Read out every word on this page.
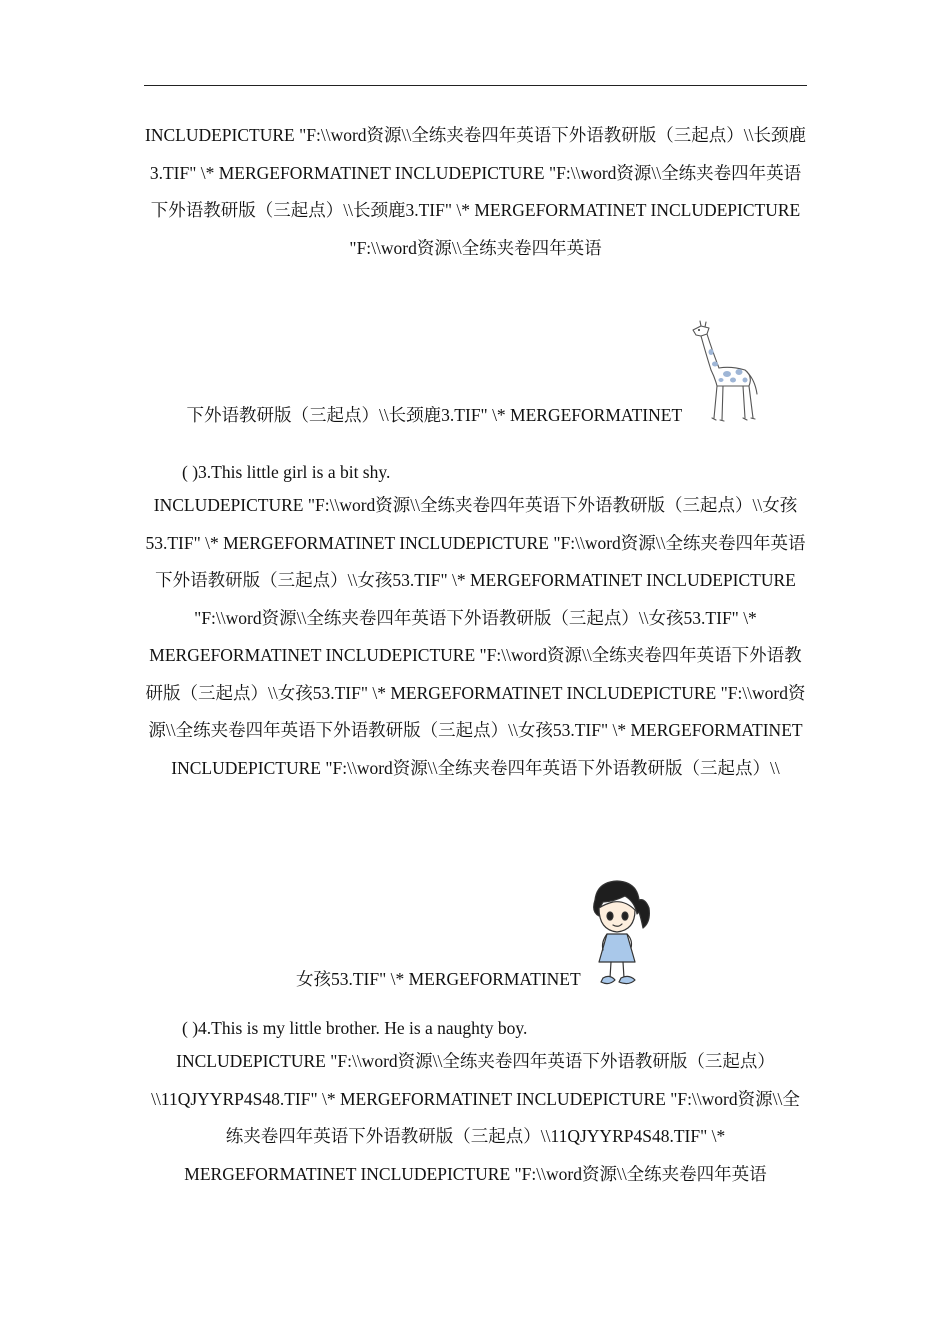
INCLUDEPICTURE "F:\\word资源\\全练夹卷四年英语下外语教研版（三起点）\\长颈鹿3.TIF" \* MERGEFORMATINET INCLUDEPICTURE "F:\\word资源\\全练夹卷四年英语下外语教研版（三起点）\\长颈鹿3.TIF" \* MERGEFORMATINET INCLUDEPICTURE "F:\\word资源\\全练夹卷四年英语
下外语教研版（三起点）\\长颈鹿3.TIF" \* MERGEFORMATINET
( )3.This little girl is a bit shy.
INCLUDEPICTURE "F:\\word资源\\全练夹卷四年英语下外语教研版（三起点）\\女孩53.TIF" \* MERGEFORMATINET INCLUDEPICTURE "F:\\word资源\\全练夹卷四年英语下外语教研版（三起点）\\女孩53.TIF" \* MERGEFORMATINET INCLUDEPICTURE "F:\\word资源\\全练夹卷四年英语下外语教研版（三起点）\\女孩53.TIF" \* MERGEFORMATINET INCLUDEPICTURE "F:\\word资源\\全练夹卷四年英语下外语教研版（三起点）\\女孩53.TIF" \* MERGEFORMATINET INCLUDEPICTURE "F:\\word资源\\全练夹卷四年英语下外语教研版（三起点）\\女孩53.TIF" \* MERGEFORMATINET INCLUDEPICTURE "F:\\word资源\\全练夹卷四年英语下外语教研版（三起点）\\
女孩53.TIF" \* MERGEFORMATINET
( )4.This is my little brother. He is a naughty boy.
INCLUDEPICTURE "F:\\word资源\\全练夹卷四年英语下外语教研版（三起点）\\11QJYYRP4S48.TIF" \* MERGEFORMATINET INCLUDEPICTURE "F:\\word资源\\全练夹卷四年英语下外语教研版（三起点）\\11QJYYRP4S48.TIF" \* MERGEFORMATINET INCLUDEPICTURE "F:\\word资源\\全练夹卷四年英语
